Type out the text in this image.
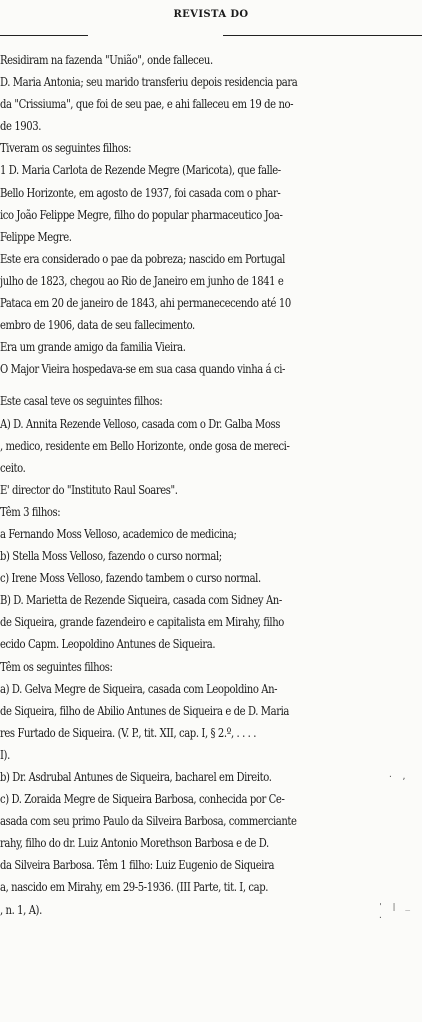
REVISTA DO
Residiram na fazenda "União", onde falleceu.
D. Maria Antonia; seu marido transferiu depois residencia para
da "Crissiuma", que foi de seu pae, e ahi falleceu em 19 de no-
de 1903.
Tiveram os seguintes filhos:
1 D. Maria Carlota de Rezende Megre (Maricota), que falle-
Bello Horizonte, em agosto de 1937, foi casada com o phar-
ico João Felippe Megre, filho do popular pharmaceutico Joa-
Felippe Megre.
Este era considerado o pae da pobreza; nascido em Portugal
julho de 1823, chegou ao Rio de Janeiro em junho de 1841 e
Patacа em 20 de janeiro de 1843, ahi permanececendo até 10
embro de 1906, data de seu fallecimento.
Era um grande amigo da familia Vieira.
O Major Vieira hospedava-se em sua casa quando vinha á ci-
Este casal teve os seguintes filhos:
A) D. Annita Rezende Velloso, casada com o Dr. Galba Moss
, medico, residente em Bello Horizonte, onde gosa de mereci-
ceito.
E' director do "Instituto Raul Soares".
Têm 3 filhos:
a Fernando Moss Velloso, academico de medicina;
b) Stella Moss Velloso, fazendo o curso normal;
c) Irene Moss Velloso, fazendo tambem o curso normal.
B) D. Marietta de Rezende Siqueira, casada com Sidney An-
de Siqueira, grande fazendeiro e capitalista em Mirahy, filho
ecido Capm. Leopoldino Antunes de Siqueira.
Têm os seguintes filhos:
a) D. Gelva Megre de Siqueira, casada com Leopoldino An-
de Siqueira, filho de Abilio Antunes de Siqueira e de D. Maria
res Furtado de Siqueira. (V. P., tit. XII, cap. I, § 2.º, . . . .
I).
b) Dr. Asdrubal Antunes de Siqueira, bacharel em Direito.
c) D. Zoraida Megre de Siqueira Barbosa, conhecida por Ce-
asada com seu primo Paulo da Silveira Barbosa, commerciante
rahy, filho do dr. Luiz Antonio Morethson Barbosa e de D.
da Silveira Barbosa. Têm 1 filho: Luiz Eugenio de Siqueira
a, nascido em Mirahy, em 29-5-1936. (III Parte, tit. I, cap.
, n. 1, A).
· ,
' | _ .
